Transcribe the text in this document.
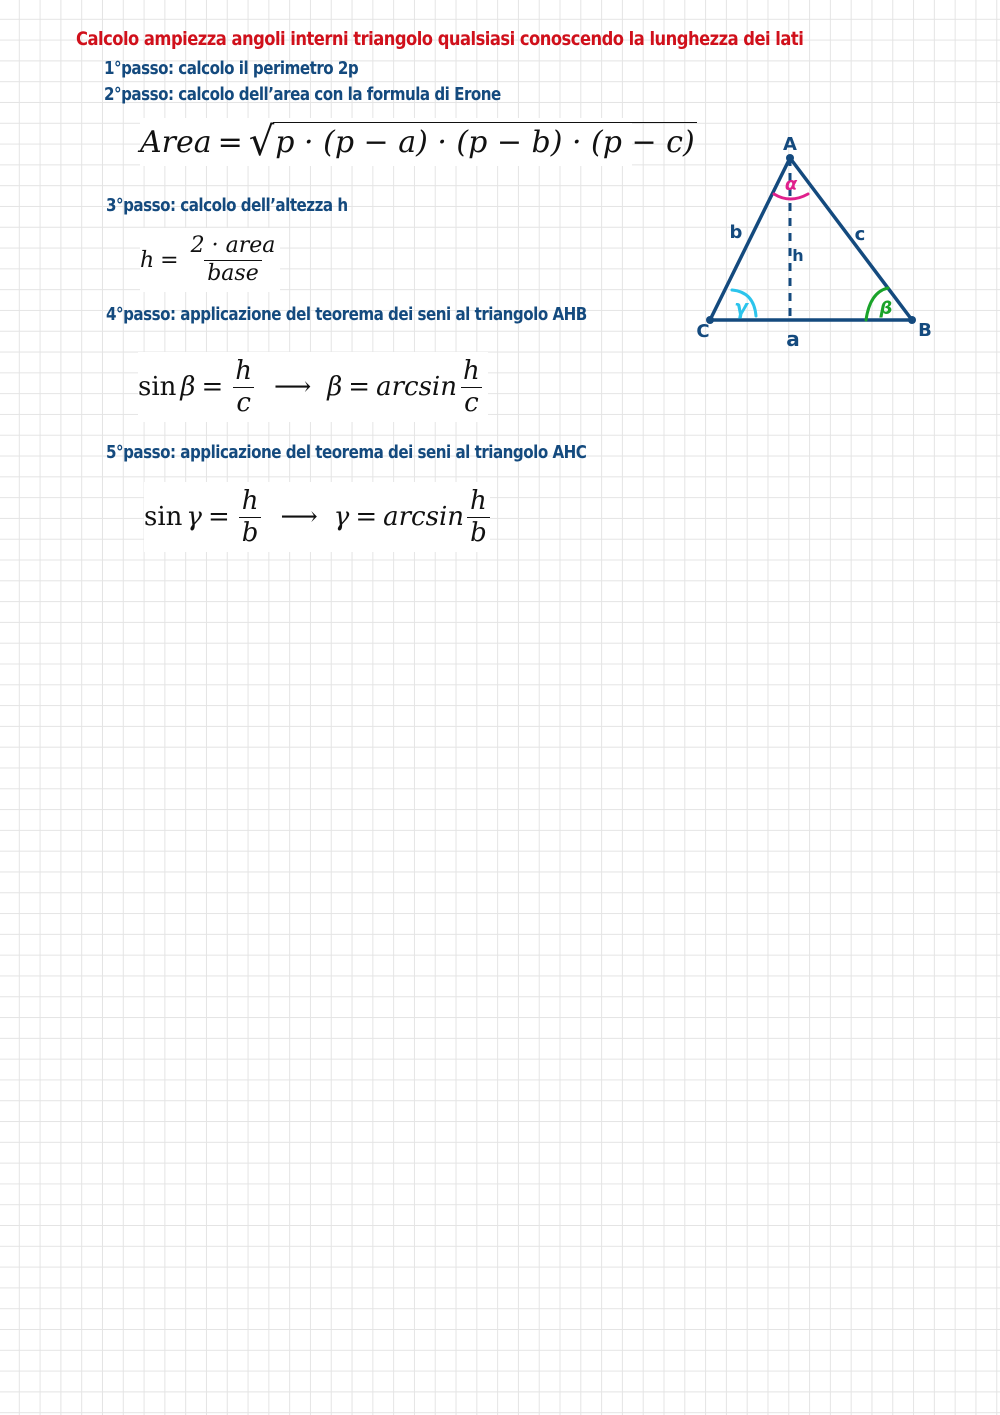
Calcolo ampiezza angoli interni triangolo qualsiasi conoscendo la lunghezza dei lati
1°passo: calcolo il perimetro 2p
2°passo: calcolo dell’area con la formula di Erone
Area = √ p · (p − a) · (p − b) · (p − c)
3°passo: calcolo dell’altezza h
$h = \frac{\text{2 · area}}{\text{base}}$
4°passo: applicazione del teorema dei seni al triangolo AHB
$\sin \beta = \frac{h}{c}$ ⟶ $\beta = \arcsin \frac{h}{c}$
5°passo: applicazione del teorema dei seni al triangolo AHC
$\sin \gamma = \frac{h}{b}$ ⟶ $\gamma = \arcsin \frac{h}{b}$
A
B
C
b	c
a
h
α
γ	β
